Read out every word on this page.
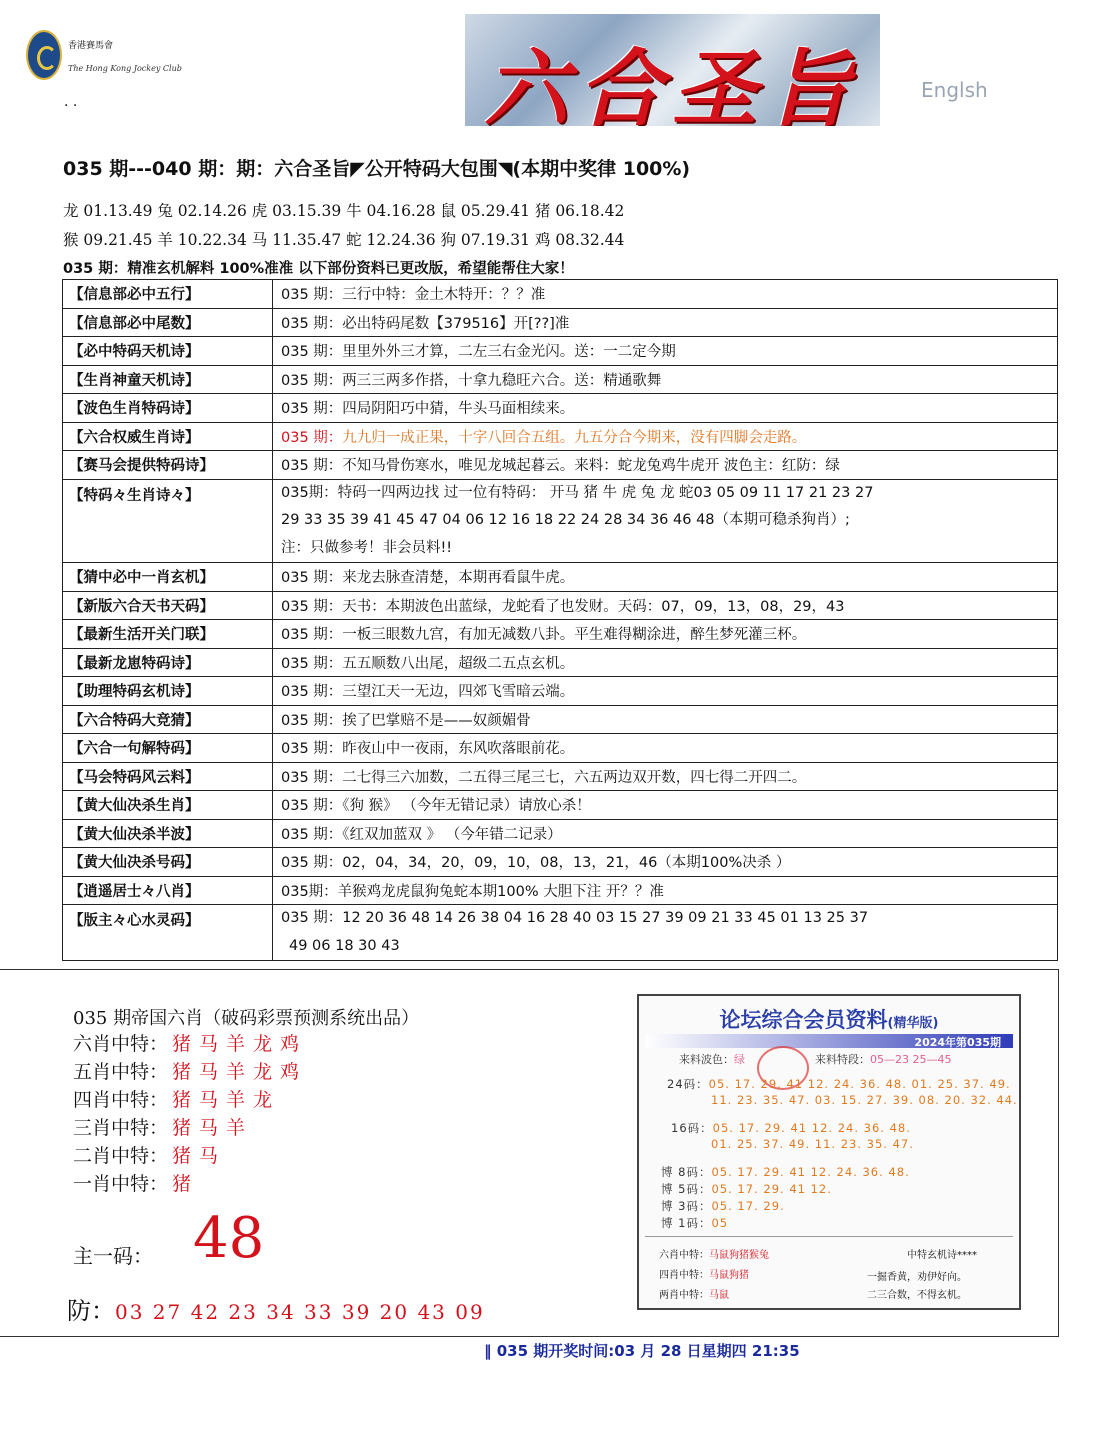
香港賽馬會
The Hong Kong Jockey Club
. .	六合圣旨	Englsh
035 期---040 期：期：六合圣旨◤公开特码大包围◥(本期中奖律 100%)
龙 01.13.49 兔 02.14.26 虎 03.15.39 牛 04.16.28 鼠 05.29.41 猪 06.18.42
猴 09.21.45 羊 10.22.34 马 11.35.47 蛇 12.24.36 狗 07.19.31 鸡 08.32.44
035 期：精准玄机解料 100%准准 以下部份资料已更改版，希望能帮住大家！
【信息部必中五行】	035 期：三行中特：金土木特开：？？准
【信息部必中尾数】	035 期：必出特码尾数【379516】开[??]准
【必中特码天机诗】	035 期：里里外外三才算，二左三右金光闪。送：一二定今期
【生肖神童天机诗】	035 期：两三三两多作搭，十拿九稳旺六合。送：精通歌舞
【波色生肖特码诗】	035 期：四局阴阳巧中猜，牛头马面相续来。
【六合权威生肖诗】	035 期：九九归一成正果，十字八回合五组。九五分合今期来，没有四脚会走路。
【赛马会提供特码诗】	035 期：不知马骨伤寒水，唯见龙城起暮云。来料：蛇龙兔鸡牛虎开 波色主：红防：绿
【特码々生肖诗々】	035期：特码一四两边找 过一位有特码： 开马 猪 牛 虎 兔 龙 蛇03 05 09 11 17 21 23 27
29 33 35 39 41 45 47 04 06 12 16 18 22 24 28 34 36 46 48（本期可稳杀狗肖）;
注：只做参考！非会员料!!

【猜中必中一肖玄机】	035 期：来龙去脉查清楚，本期再看鼠牛虎。
【新版六合天书天码】	035 期：天书：本期波色出蓝绿，龙蛇看了也发财。天码：07，09，13，08，29，43
【最新生活开关门联】	035 期：一板三眼数九宫，有加无减数八卦。平生难得糊涂进，醉生梦死灌三杯。
【最新龙崽特码诗】	035 期：五五顺数八出尾，超级二五点玄机。
【助理特码玄机诗】	035 期：三望江天一无边，四郊飞雪暗云端。
【六合特码大竞猜】	035 期：挨了巴掌赔不是——奴颜媚骨
【六合一句解特码】	035 期：昨夜山中一夜雨，东风吹落眼前花。
【马会特码风云料】	035 期：二七得三六加数，二五得三尾三七，六五两边双开数，四七得二开四二。
【黄大仙决杀生肖】	035 期：《狗 猴》 （今年无错记录）请放心杀！
【黄大仙决杀半波】	035 期：《红双加蓝双 》 （今年错二记录）
【黄大仙决杀号码】	035 期：02，04，34，20，09，10，08，13，21，46（本期100%决杀 ）
【逍遥居士々八肖】	035期：羊猴鸡龙虎鼠狗兔蛇本期100% 大胆下注 开？？准
【版主々心水灵码】	035 期：12 20 36 48 14 26 38 04 16 28 40 03 15 27 39 09 21 33 45 01 13 25 37
49 06 18 30 43
035 期帝国六肖（破码彩票预测系统出品）
六肖中特： 猪马羊龙鸡
五肖中特： 猪马羊龙鸡
四肖中特： 猪马羊龙
三肖中特： 猪马羊
二肖中特： 猪马
一肖中特： 猪
主一码： 48
防：03 27 42 23 34 33 39 20 43 09
论坛综合会员资料(精华版)
2024年第035期
来料波色：绿	来料特段：05—23 25—45
24码：05. 17. 29. 41 12. 24. 36. 48. 01. 25. 37. 49.
11. 23. 35. 47. 03. 15. 27. 39. 08. 20. 32. 44.
16码：05. 17. 29. 41 12. 24. 36. 48.
01. 25. 37. 49. 11. 23. 35. 47.
博 8码：05. 17. 29. 41 12. 24. 36. 48.
博 5码：05. 17. 29. 41 12.
博 3码：05. 17. 29.
博 1码：05
六肖中特：马鼠狗猪猴兔
四肖中特：马鼠狗猪
两肖中特：马鼠
中特玄机诗****
一掘香黄，劝伊好向。
二三合数，不得玄机。
‖ 035 期开奖时间:03 月 28 日星期四 21:35
